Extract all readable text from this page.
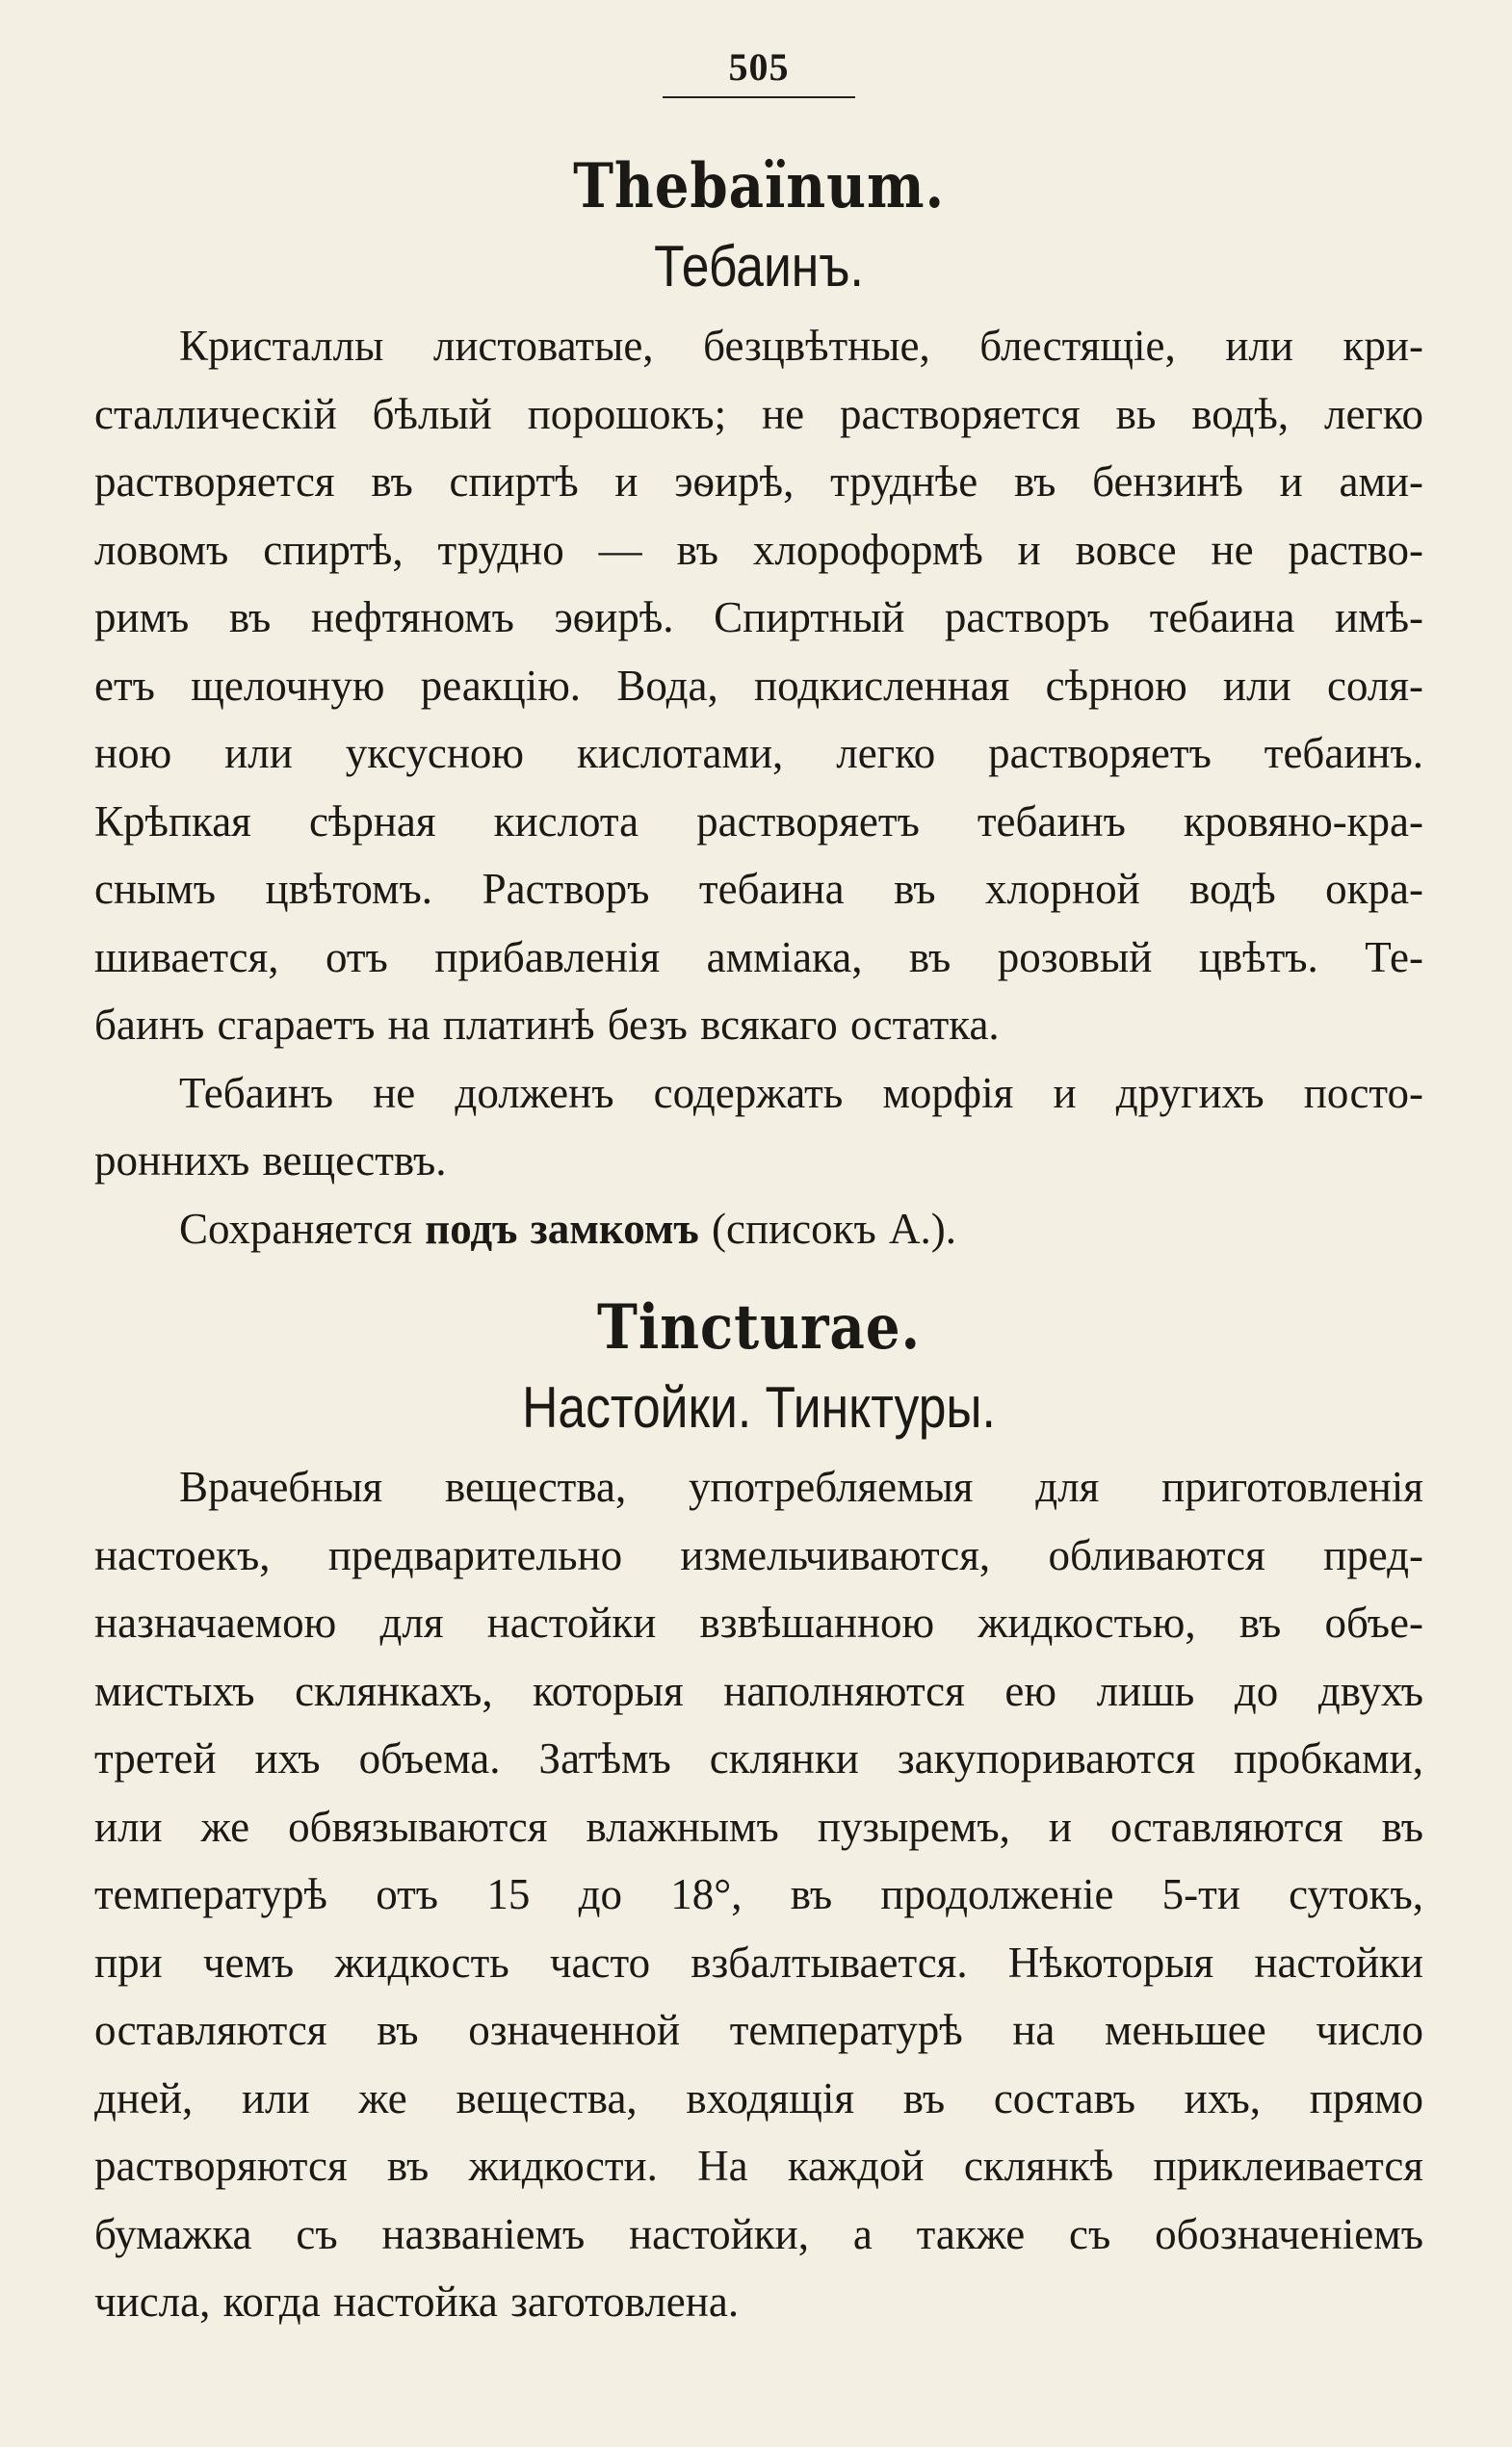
505
Thebaïnum.
Тебаинъ.
Кристаллы листоватые, безцвѣтные, блестящіе, или кри-
сталлическій бѣлый порошокъ; не растворяется вь водѣ, легко
растворяется въ спиртѣ и эѳирѣ, труднѣе въ бензинѣ и ами-
ловомъ спиртѣ, трудно — въ хлороформѣ и вовсе не раство-
римъ въ нефтяномъ эѳирѣ. Спиртный растворъ тебаина имѣ-
етъ щелочную реакцію. Вода, подкисленная сѣрною или соля-
ною или уксусною кислотами, легко растворяетъ тебаинъ.
Крѣпкая сѣрная кислота растворяетъ тебаинъ кровяно-кра-
снымъ цвѣтомъ. Растворъ тебаина въ хлорной водѣ окра-
шивается, отъ прибавленія амміака, въ розовый цвѣтъ. Те-
баинъ сгараетъ на платинѣ безъ всякаго остатка.
Тебаинъ не долженъ содержать морфія и другихъ посто-
роннихъ веществъ.
Сохраняется подъ замкомъ (списокъ А.).
Tincturae.
Настойки. Тинктуры.
Врачебныя вещества, употребляемыя для приготовленія
настоекъ, предварительно измельчиваются, обливаются пред-
назначаемою для настойки взвѣшанною жидкостью, въ объе-
мистыхъ склянкахъ, которыя наполняются ею лишь до двухъ
третей ихъ объема. Затѣмъ склянки закупориваются пробками,
или же обвязываются влажнымъ пузыремъ, и оставляются въ
температурѣ отъ 15 до 18°, въ продолженіе 5-ти сутокъ,
при чемъ жидкость часто взбалтывается. Нѣкоторыя настойки
оставляются въ означенной температурѣ на меньшее число
дней, или же вещества, входящія въ составъ ихъ, прямо
растворяются въ жидкости. На каждой склянкѣ приклеивается
бумажка съ названіемъ настойки, а также съ обозначеніемъ
числа, когда настойка заготовлена.
